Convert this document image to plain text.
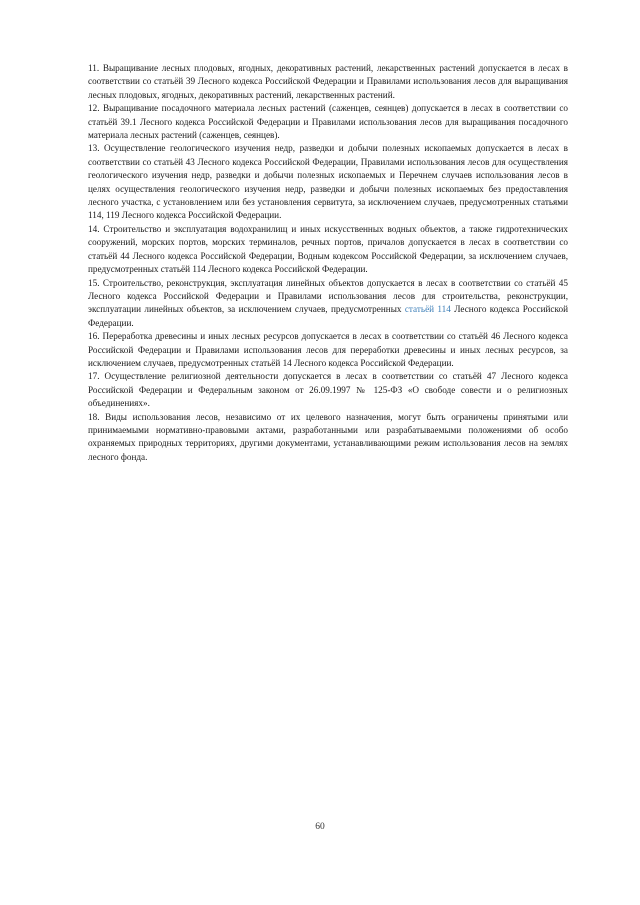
11. Выращивание лесных плодовых, ягодных, декоративных растений, лекарственных растений допускается в лесах в соответствии со статьёй 39 Лесного кодекса Российской Федерации и Правилами использования лесов для выращивания лесных плодовых, ягодных, декоративных растений, лекарственных растений.

12. Выращивание посадочного материала лесных растений (саженцев, сеянцев) допускается в лесах в соответствии со статьёй 39.1 Лесного кодекса Российской Федерации и Правилами использования лесов для выращивания посадочного материала лесных растений (саженцев, сеянцев).

13. Осуществление геологического изучения недр, разведки и добычи полезных ископаемых допускается в лесах в соответствии со статьёй 43 Лесного кодекса Российской Федерации, Правилами использования лесов для осуществления геологического изучения недр, разведки и добычи полезных ископаемых и Перечнем случаев использования лесов в целях осуществления геологического изучения недр, разведки и добычи полезных ископаемых без предоставления лесного участка, с установлением или без установления сервитута, за исключением случаев, предусмотренных статьями 114, 119 Лесного кодекса Российской Федерации.

14. Строительство и эксплуатация водохранилищ и иных искусственных водных объектов, а также гидротехнических сооружений, морских портов, морских терминалов, речных портов, причалов допускается в лесах в соответствии со статьёй 44 Лесного кодекса Российской Федерации, Водным кодексом Российской Федерации, за исключением случаев, предусмотренных статьёй 114 Лесного кодекса Российской Федерации.

15. Строительство, реконструкция, эксплуатация линейных объектов допускается в лесах в соответствии со статьёй 45 Лесного кодекса Российской Федерации и Правилами использования лесов для строительства, реконструкции, эксплуатации линейных объектов, за исключением случаев, предусмотренных статьёй 114 Лесного кодекса Российской Федерации.

16. Переработка древесины и иных лесных ресурсов допускается в лесах в соответствии со статьёй 46 Лесного кодекса Российской Федерации и Правилами использования лесов для переработки древесины и иных лесных ресурсов, за исключением случаев, предусмотренных статьёй 14 Лесного кодекса Российской Федерации.

17. Осуществление религиозной деятельности допускается в лесах в соответствии со статьёй 47 Лесного кодекса Российской Федерации и Федеральным законом от 26.09.1997 № 125-ФЗ «О свободе совести и о религиозных объединениях».

18. Виды использования лесов, независимо от их целевого назначения, могут быть ограничены принятыми или принимаемыми нормативно-правовыми актами, разработанными или разрабатываемыми положениями об особо охраняемых природных территориях, другими документами, устанавливающими режим использования лесов на землях лесного фонда.

60
